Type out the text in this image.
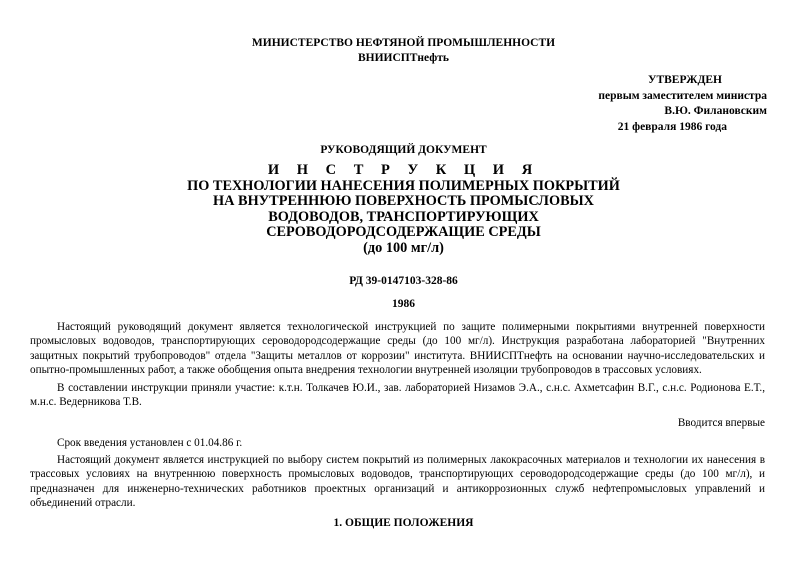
МИНИСТЕРСТВО НЕФТЯНОЙ ПРОМЫШЛЕННОСТИ
ВНИИСПТнефть
УТВЕРЖДЕН
первым заместителем министра
В.Ю. Филановским
21 февраля 1986 года
РУКОВОДЯЩИЙ ДОКУМЕНТ
И Н С Т Р У К Ц И Я
ПО ТЕХНОЛОГИИ НАНЕСЕНИЯ ПОЛИМЕРНЫХ ПОКРЫТИЙ
НА ВНУТРЕННЮЮ ПОВЕРХНОСТЬ ПРОМЫСЛОВЫХ
ВОДОВОДОВ, ТРАНСПОРТИРУЮЩИХ
СЕРОВОДОРОДСОДЕРЖАЩИЕ СРЕДЫ
(до 100 мг/л)
РД 39-0147103-328-86
1986
Настоящий руководящий документ является технологической инструкцией по защите полимерными покрытиями внутренней поверхности промысловых водоводов, транспортирующих сероводородсодержащие среды (до 100 мг/л). Инструкция разработана лабораторией "Внутренних защитных покрытий трубопроводов" отдела "Защиты металлов от коррозии" института. ВНИИСПТнефть на основании научно-исследовательских и опытно-промышленных работ, а также обобщения опыта внедрения технологии внутренней изоляции трубопроводов в трассовых условиях.
В составлении инструкции приняли участие: к.т.н. Толкачев Ю.И., зав. лабораторией Низамов Э.А., с.н.с. Ахметсафин В.Г., с.н.с. Родионова Е.Т., м.н.с. Ведерникова Т.В.
Вводится впервые
Срок введения установлен с 01.04.86 г.
Настоящий документ является инструкцией по выбору систем покрытий из полимерных лакокрасочных материалов и технологии их нанесения в трассовых условиях на внутреннюю поверхность промысловых водоводов, транспортирующих сероводородсодержащие среды (до 100 мг/л), и предназначен для инженерно-технических работников проектных организаций и антикоррозионных служб нефтепромысловых управлений и объединений отрасли.
1. ОБЩИЕ ПОЛОЖЕНИЯ
